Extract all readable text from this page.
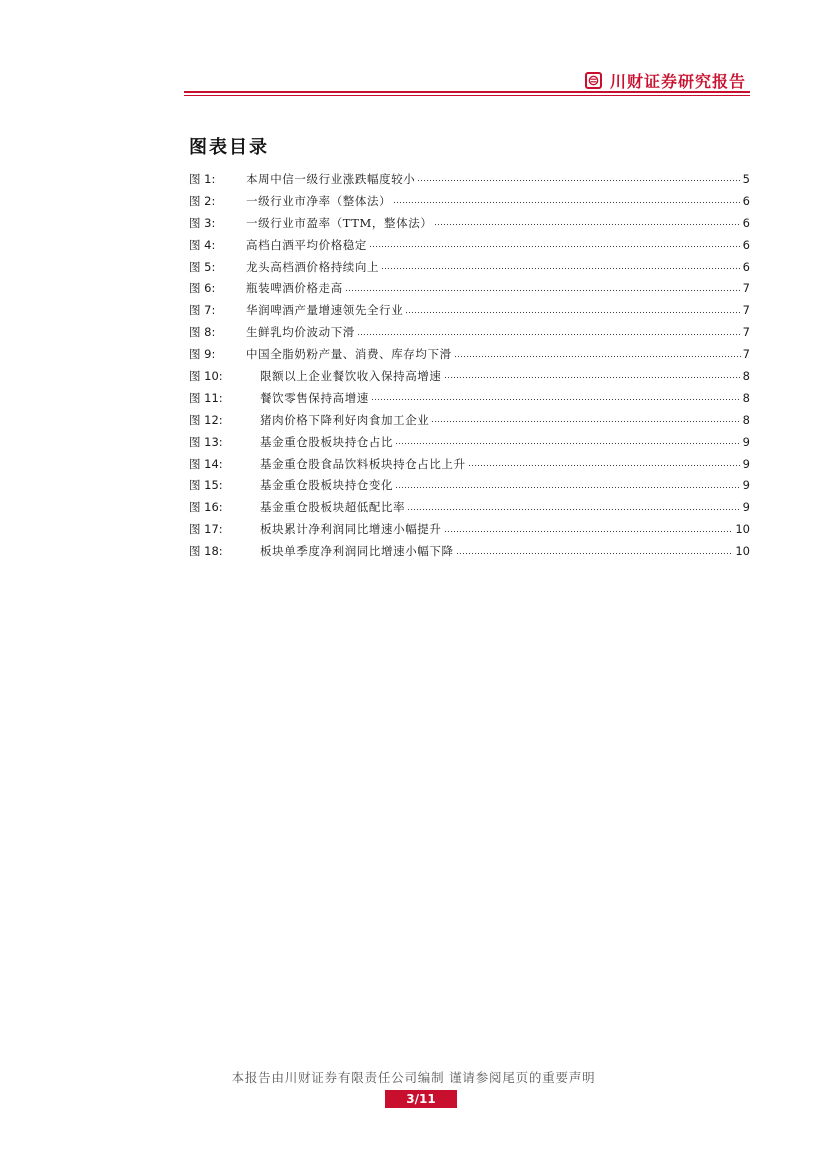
川财证券研究报告
图表目录
图 1:	本周中信一级行业涨跌幅度较小	5
图 2:	一级行业市净率（整体法）	6
图 3:	一级行业市盈率（TTM，整体法）	6
图 4:	高档白酒平均价格稳定	6
图 5:	龙头高档酒价格持续向上	6
图 6:	瓶装啤酒价格走高	7
图 7:	华润啤酒产量增速领先全行业	7
图 8:	生鲜乳均价波动下滑	7
图 9:	中国全脂奶粉产量、消费、库存均下滑	7
图 10:	限额以上企业餐饮收入保持高增速	8
图 11:	餐饮零售保持高增速	8
图 12:	猪肉价格下降利好肉食加工企业	8
图 13:	基金重仓股板块持仓占比	9
图 14:	基金重仓股食品饮料板块持仓占比上升	9
图 15:	基金重仓股板块持仓变化	9
图 16:	基金重仓股板块超低配比率	9
图 17:	板块累计净利润同比增速小幅提升	10
图 18:	板块单季度净利润同比增速小幅下降	10
本报告由川财证券有限责任公司编制 谨请参阅尾页的重要声明
3/11
